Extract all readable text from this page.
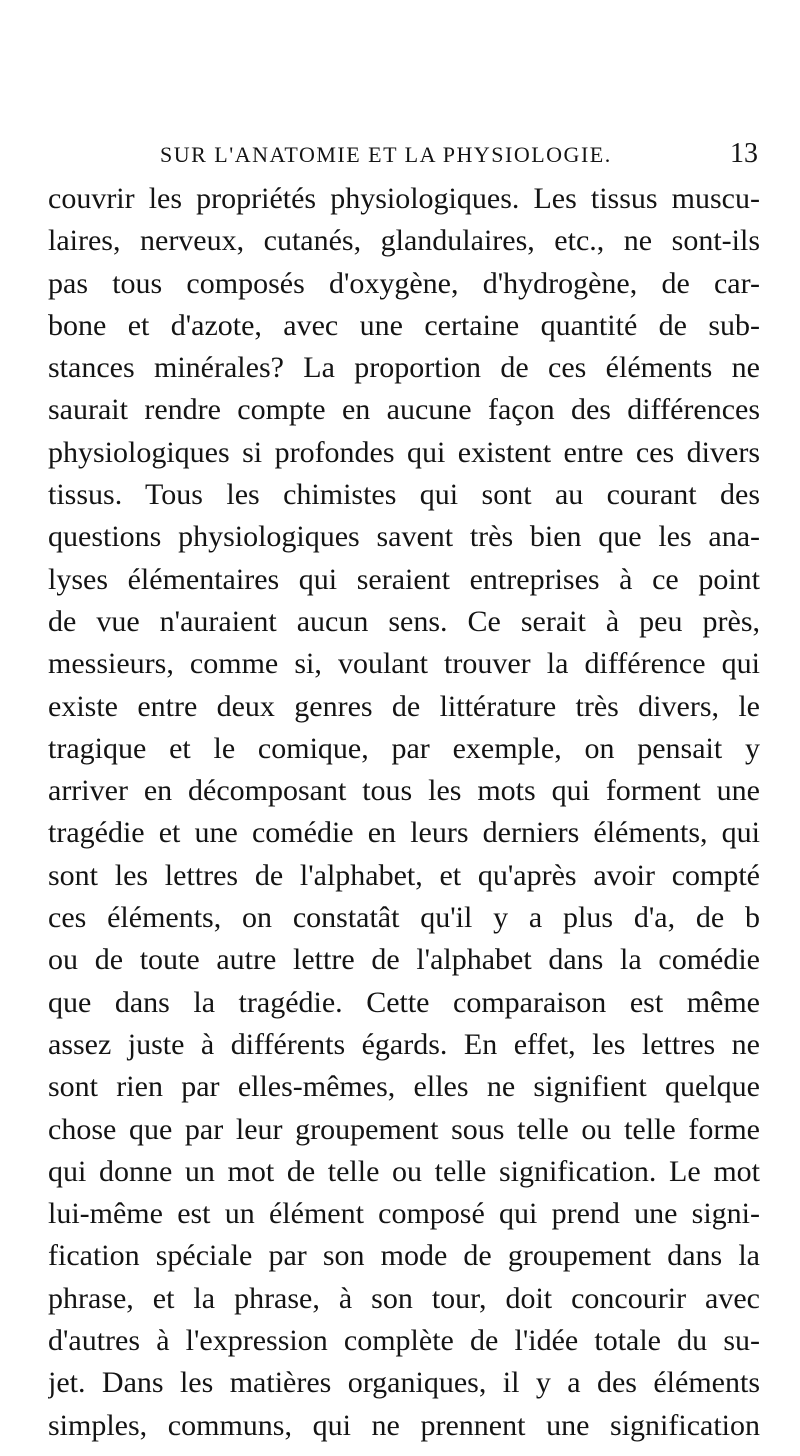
SUR L'ANATOMIE ET LA PHYSIOLOGIE.	13
couvrir les propriétés physiologiques. Les tissus muscu-
laires, nerveux, cutanés, glandulaires, etc., ne sont-ils
pas tous composés d'oxygène, d'hydrogène, de car-
bone et d'azote, avec une certaine quantité de sub-
stances minérales? La proportion de ces éléments ne
saurait rendre compte en aucune façon des différences
physiologiques si profondes qui existent entre ces divers
tissus. Tous les chimistes qui sont au courant des
questions physiologiques savent très bien que les ana-
lyses élémentaires qui seraient entreprises à ce point
de vue n'auraient aucun sens. Ce serait à peu près,
messieurs, comme si, voulant trouver la différence qui
existe entre deux genres de littérature très divers, le
tragique et le comique, par exemple, on pensait y
arriver en décomposant tous les mots qui forment une
tragédie et une comédie en leurs derniers éléments, qui
sont les lettres de l'alphabet, et qu'après avoir compté
ces éléments, on constatât qu'il y a plus d'a, de b
ou de toute autre lettre de l'alphabet dans la comédie
que dans la tragédie. Cette comparaison est même
assez juste à différents égards. En effet, les lettres ne
sont rien par elles-mêmes, elles ne signifient quelque
chose que par leur groupement sous telle ou telle forme
qui donne un mot de telle ou telle signification. Le mot
lui-même est un élément composé qui prend une signi-
fication spéciale par son mode de groupement dans la
phrase, et la phrase, à son tour, doit concourir avec
d'autres à l'expression complète de l'idée totale du su-
jet. Dans les matières organiques, il y a des éléments
simples, communs, qui ne prennent une signification
